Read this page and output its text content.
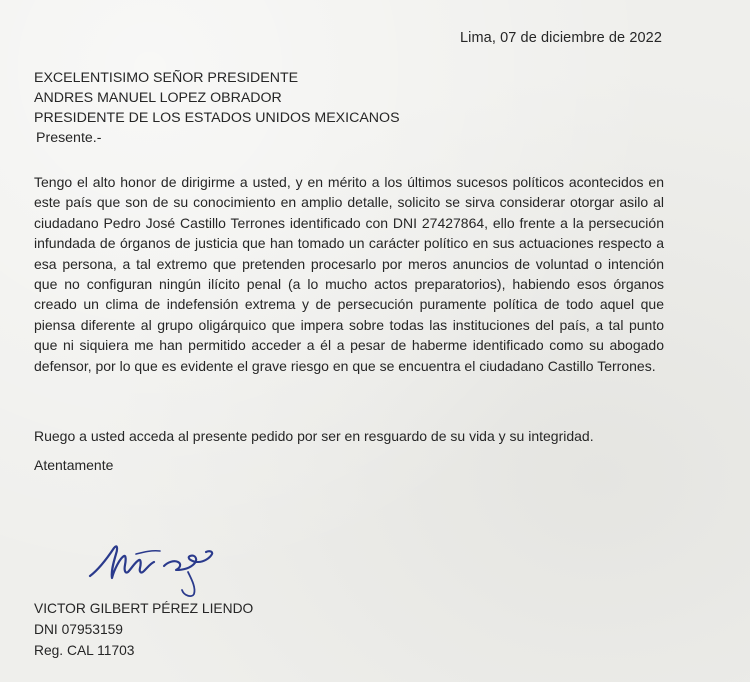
Lima, 07 de diciembre de 2022
EXCELENTISIMO SEÑOR PRESIDENTE
ANDRES MANUEL LOPEZ OBRADOR
PRESIDENTE DE LOS ESTADOS UNIDOS MEXICANOS
Presente.-

Tengo el alto honor de dirigirme a usted, y en mérito a los últimos sucesos políticos acontecidos en este país que son de su conocimiento en amplio detalle, solicito se sirva considerar otorgar asilo al ciudadano Pedro José Castillo Terrones identificado con DNI 27427864, ello frente a la persecución infundada de órganos de justicia que han tomado un carácter político en sus actuaciones respecto a esa persona, a tal extremo que pretenden procesarlo por meros anuncios de voluntad o intención que no configuran ningún ilícito penal (a lo mucho actos preparatorios), habiendo esos órganos creado un clima de indefensión extrema y de persecución puramente política de todo aquel que piensa diferente al grupo oligárquico que impera sobre todas las instituciones del país, a tal punto que ni siquiera me han permitido acceder a él a pesar de haberme identificado como su abogado defensor, por lo que es evidente el grave riesgo en que se encuentra el ciudadano Castillo Terrones.

Ruego a usted acceda al presente pedido por ser en resguardo de su vida y su integridad.
Atentamente
VICTOR GILBERT PÉREZ LIENDO
DNI 07953159
Reg. CAL 11703
